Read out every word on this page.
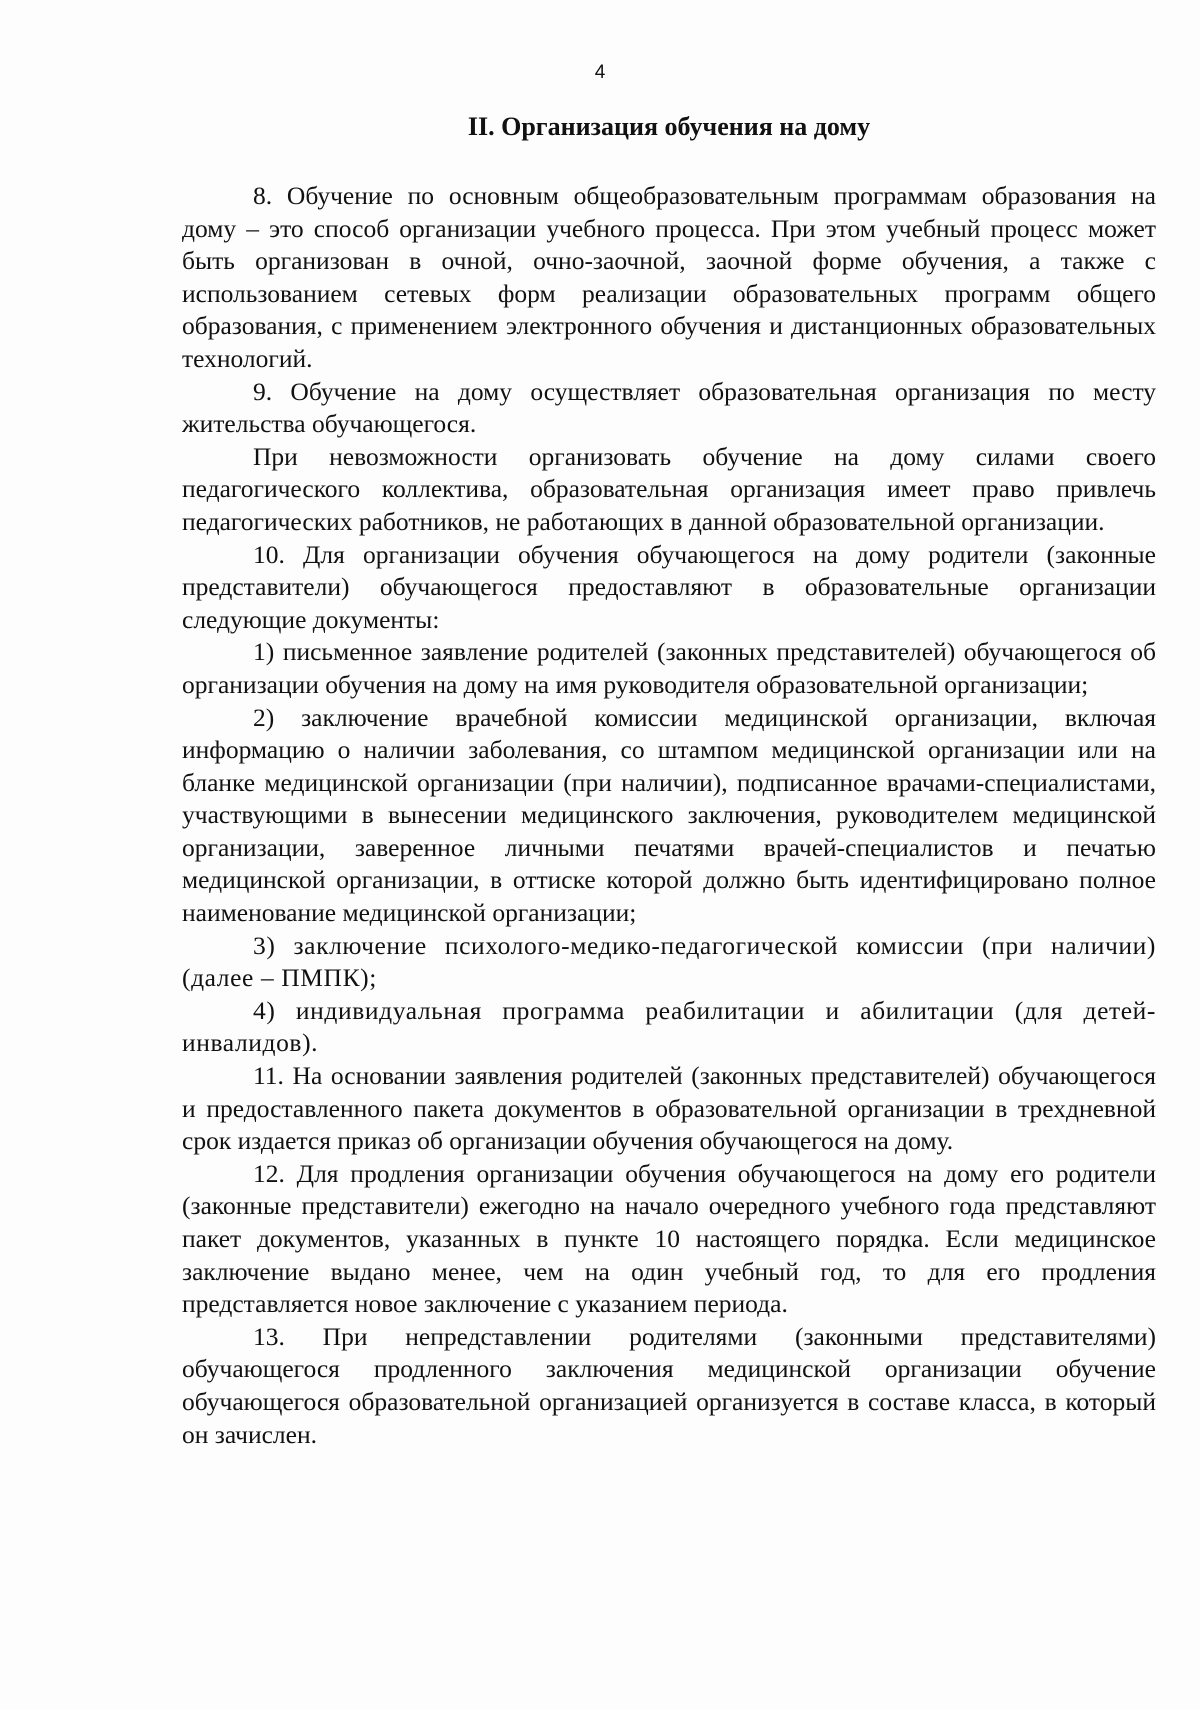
4
II. Организация обучения на дому

8. Обучение по основным общеобразовательным программам образования на дому – это способ организации учебного процесса. При этом учебный процесс может быть организован в очной, очно-заочной, заочной форме обучения, а также с использованием сетевых форм реализации образовательных программ общего образования, с применением электронного обучения и дистанционных образовательных технологий.

9. Обучение на дому осуществляет образовательная организация по месту жительства обучающегося.

При невозможности организовать обучение на дому силами своего педагогического коллектива, образовательная организация имеет право привлечь педагогических работников, не работающих в данной образовательной организации.

10. Для организации обучения обучающегося на дому родители (законные представители) обучающегося предоставляют в образовательные организации следующие документы:

1) письменное заявление родителей (законных представителей) обучающегося об организации обучения на дому на имя руководителя образовательной организации;

2) заключение врачебной комиссии медицинской организации, включая информацию о наличии заболевания, со штампом медицинской организации или на бланке медицинской организации (при наличии), подписанное врачами-специалистами, участвующими в вынесении медицинского заключения, руководителем медицинской организации, заверенное личными печатями врачей-специалистов и печатью медицинской организации, в оттиске которой должно быть идентифицировано полное наименование медицинской организации;

3) заключение психолого-медико-педагогической комиссии (при наличии) (далее – ПМПК);

4) индивидуальная программа реабилитации и абилитации (для детей-инвалидов).

11. На основании заявления родителей (законных представителей) обучающегося и предоставленного пакета документов в образовательной организации в трехдневной срок издается приказ об организации обучения обучающегося на дому.

12. Для продления организации обучения обучающегося на дому его родители (законные представители) ежегодно на начало очередного учебного года представляют пакет документов, указанных в пункте 10 настоящего порядка. Если медицинское заключение выдано менее, чем на один учебный год, то для его продления представляется новое заключение с указанием периода.

13. При непредставлении родителями (законными представителями) обучающегося продленного заключения медицинской организации обучение обучающегося образовательной организацией организуется в составе класса, в который он зачислен.
